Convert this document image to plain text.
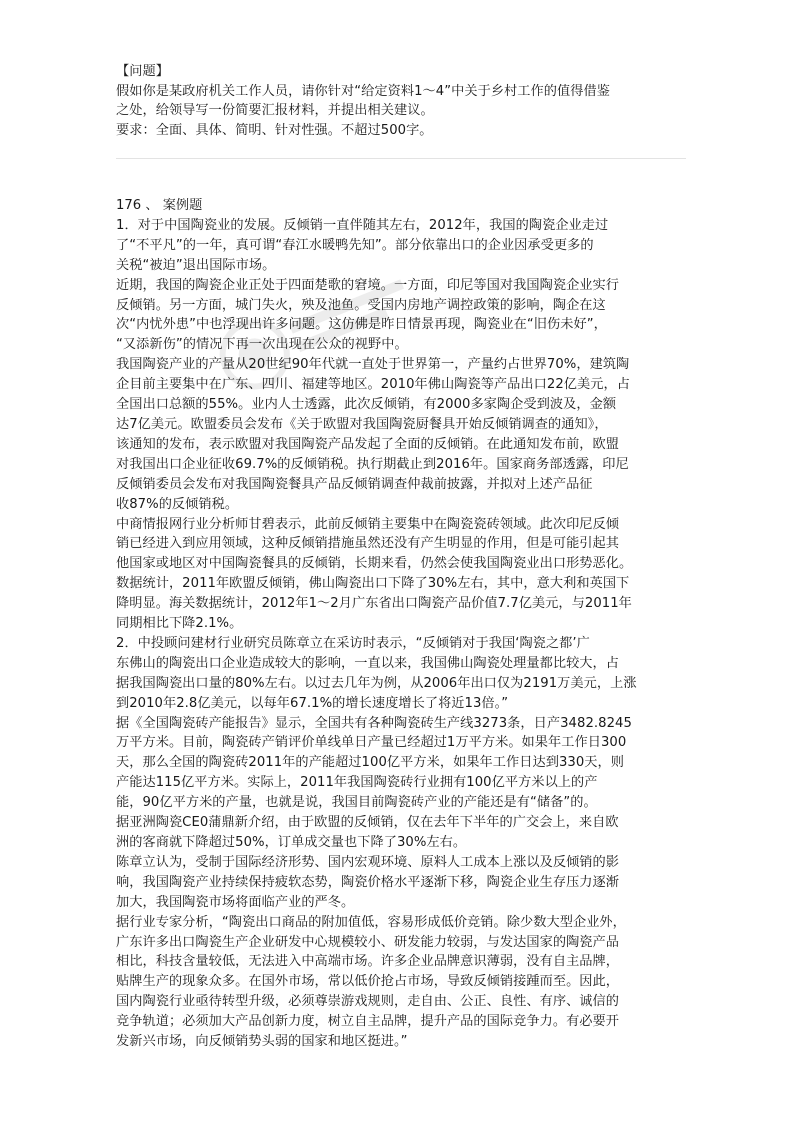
【问题】
假如你是某政府机关工作人员，请你针对“给定资料1～4”中关于乡村工作的值得借鉴
之处，给领导写一份简要汇报材料，并提出相关建议。
要求：全面、具体、简明、针对性强。不超过500字。
176 、 案例题
1．对于中国陶瓷业的发展。反倾销一直伴随其左右，2012年，我国的陶瓷企业走过
了“不平凡”的一年，真可谓“春江水暖鸭先知”。部分依靠出口的企业因承受更多的
关税“被迫”退出国际市场。
近期，我国的陶瓷企业正处于四面楚歌的窘境。一方面，印尼等国对我国陶瓷企业实行
反倾销。另一方面，城门失火，殃及池鱼。受国内房地产调控政策的影响，陶企在这
次“内忧外患”中也浮现出许多问题。这仿佛是昨日情景再现，陶瓷业在“旧伤未好”，
“又添新伤”的情况下再一次出现在公众的视野中。
我国陶瓷产业的产量从20世纪90年代就一直处于世界第一，产量约占世界70%，建筑陶
企目前主要集中在广东、四川、福建等地区。2010年佛山陶瓷等产品出口22亿美元，占
全国出口总额的55%。业内人士透露，此次反倾销，有2000多家陶企受到波及，金额
达7亿美元。欧盟委员会发布《关于欧盟对我国陶瓷厨餐具开始反倾销调查的通知》，
该通知的发布，表示欧盟对我国陶瓷产品发起了全面的反倾销。在此通知发布前，欧盟
对我国出口企业征收69.7%的反倾销税。执行期截止到2016年。国家商务部透露，印尼
反倾销委员会发布对我国陶瓷餐具产品反倾销调查仲裁前披露，并拟对上述产品征
收87%的反倾销税。
中商情报网行业分析师甘碧表示，此前反倾销主要集中在陶瓷瓷砖领域。此次印尼反倾
销已经进入到应用领域，这种反倾销措施虽然还没有产生明显的作用，但是可能引起其
他国家或地区对中国陶瓷餐具的反倾销，长期来看，仍然会使我国陶瓷业出口形势恶化。
数据统计，2011年欧盟反倾销，佛山陶瓷出口下降了30%左右，其中，意大利和英国下
降明显。海关数据统计，2012年1～2月广东省出口陶瓷产品价值7.7亿美元，与2011年
同期相比下降2.1%。
2．中投顾问建材行业研究员陈章立在采访时表示，“反倾销对于我国‘陶瓷之都’广
东佛山的陶瓷出口企业造成较大的影响，一直以来，我国佛山陶瓷处理量都比较大，占
据我国陶瓷出口量的80%左右。以过去几年为例，从2006年出口仅为2191万美元，上涨
到2010年2.8亿美元，以每年67.1%的增长速度增长了将近13倍。”
据《全国陶瓷砖产能报告》显示，全国共有各种陶瓷砖生产线3273条，日产3482.8245
万平方米。目前，陶瓷砖产销评价单线单日产量已经超过1万平方米。如果年工作日300
天，那么全国的陶瓷砖2011年的产能超过100亿平方米，如果年工作日达到330天，则
产能达115亿平方米。实际上，2011年我国陶瓷砖行业拥有100亿平方米以上的产
能，90亿平方米的产量，也就是说，我国目前陶瓷砖产业的产能还是有“储备”的。
据亚洲陶瓷CE0蒲鼎新介绍，由于欧盟的反倾销，仅在去年下半年的广交会上，来自欧
洲的客商就下降超过50%，订单成交量也下降了30%左右。
陈章立认为，受制于国际经济形势、国内宏观环境、原料人工成本上涨以及反倾销的影
响，我国陶瓷产业持续保持疲软态势，陶瓷价格水平逐渐下移，陶瓷企业生存压力逐渐
加大，我国陶瓷市场将面临产业的严冬。
据行业专家分析，“陶瓷出口商品的附加值低，容易形成低价竞销。除少数大型企业外，
广东许多出口陶瓷生产企业研发中心规模较小、研发能力较弱，与发达国家的陶瓷产品
相比，科技含量较低，无法进入中高端市场。许多企业品牌意识薄弱，没有自主品牌，
贴牌生产的现象众多。在国外市场，常以低价抢占市场，导致反倾销接踵而至。因此，
国内陶瓷行业亟待转型升级，必须尊崇游戏规则，走自由、公正、良性、有序、诚信的
竞争轨道；必须加大产品创新力度，树立自主品牌，提升产品的国际竞争力。有必要开
发新兴市场，向反倾销势头弱的国家和地区挺进。”
